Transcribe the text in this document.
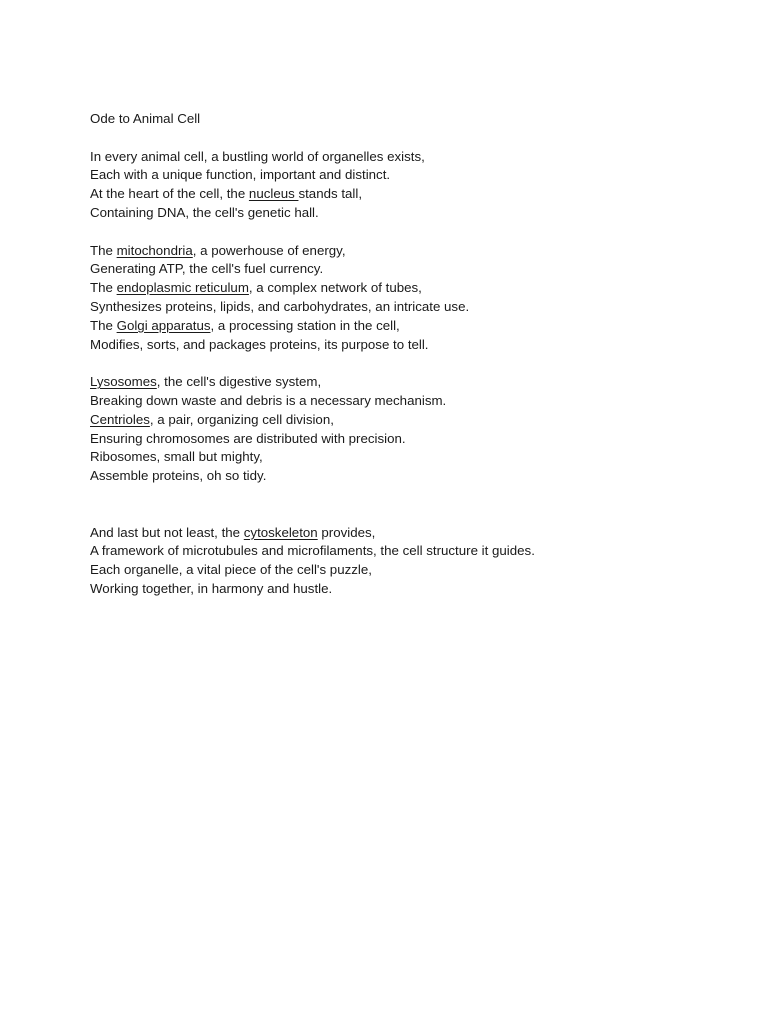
Ode to Animal Cell
In every animal cell, a bustling world of organelles exists,
Each with a unique function, important and distinct.
At the heart of the cell, the nucleus stands tall,
Containing DNA, the cell's genetic hall.
The mitochondria, a powerhouse of energy,
Generating ATP, the cell's fuel currency.
The endoplasmic reticulum, a complex network of tubes,
Synthesizes proteins, lipids, and carbohydrates, an intricate use.
The Golgi apparatus, a processing station in the cell,
Modifies, sorts, and packages proteins, its purpose to tell.
Lysosomes, the cell's digestive system,
Breaking down waste and debris is a necessary mechanism.
Centrioles, a pair, organizing cell division,
Ensuring chromosomes are distributed with precision.
Ribosomes, small but mighty,
Assemble proteins, oh so tidy.
And last but not least, the cytoskeleton provides,
A framework of microtubules and microfilaments, the cell structure it guides.
Each organelle, a vital piece of the cell's puzzle,
Working together, in harmony and hustle.
